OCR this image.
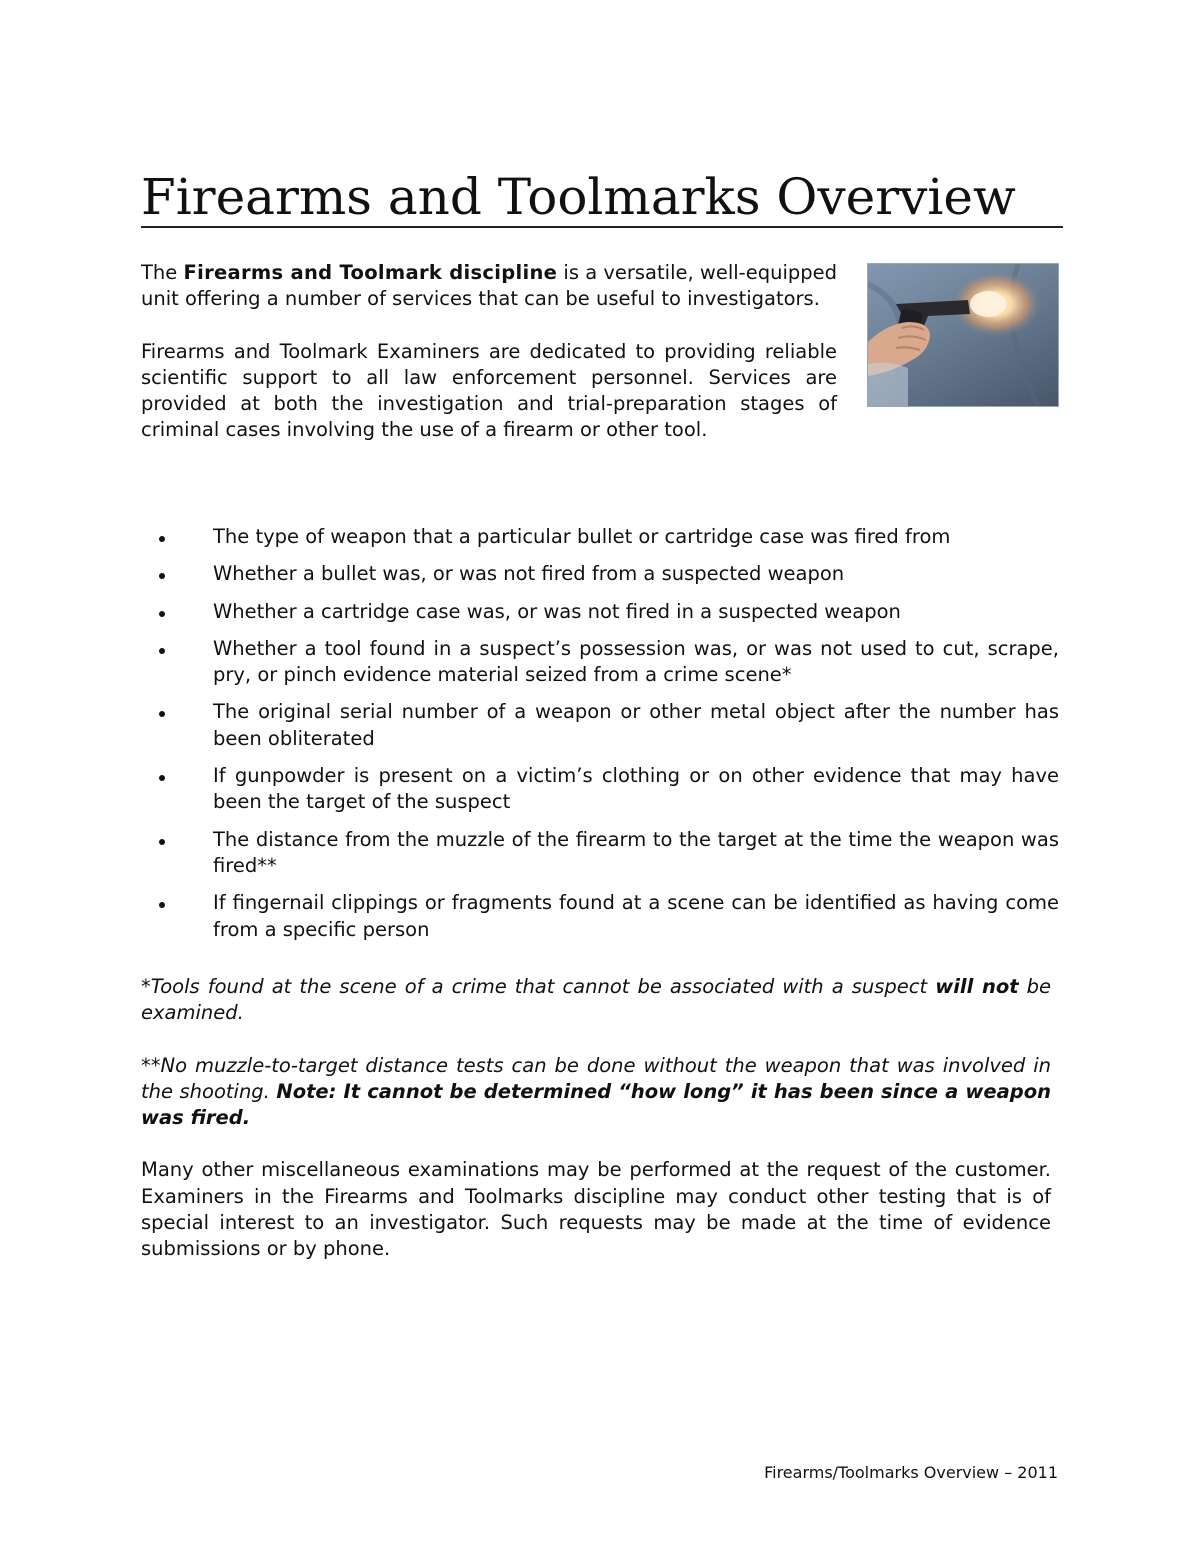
Firearms and Toolmarks Overview

The Firearms and Toolmark discipline is a versatile, well-equipped unit offering a number of services that can be useful to investigators.

Firearms and Toolmark Examiners are dedicated to providing reliable scientific support to all law enforcement personnel. Services are provided at both the investigation and trial-preparation stages of criminal cases involving the use of a firearm or other tool.

The type of weapon that a particular bullet or cartridge case was fired from
Whether a bullet was, or was not fired from a suspected weapon
Whether a cartridge case was, or was not fired in a suspected weapon
Whether a tool found in a suspect’s possession was, or was not used to cut, scrape, pry, or pinch evidence material seized from a crime scene*
The original serial number of a weapon or other metal object after the number has been obliterated
If gunpowder is present on a victim’s clothing or on other evidence that may have been the target of the suspect
The distance from the muzzle of the firearm to the target at the time the weapon was fired**
If fingernail clippings or fragments found at a scene can be identified as having come from a specific person

*Tools found at the scene of a crime that cannot be associated with a suspect will not be examined.

**No muzzle-to-target distance tests can be done without the weapon that was involved in the shooting. Note: It cannot be determined “how long” it has been since a weapon was fired.

Many other miscellaneous examinations may be performed at the request of the customer. Examiners in the Firearms and Toolmarks discipline may conduct other testing that is of special interest to an investigator. Such requests may be made at the time of evidence submissions or by phone.

Firearms/Toolmarks Overview – 2011
